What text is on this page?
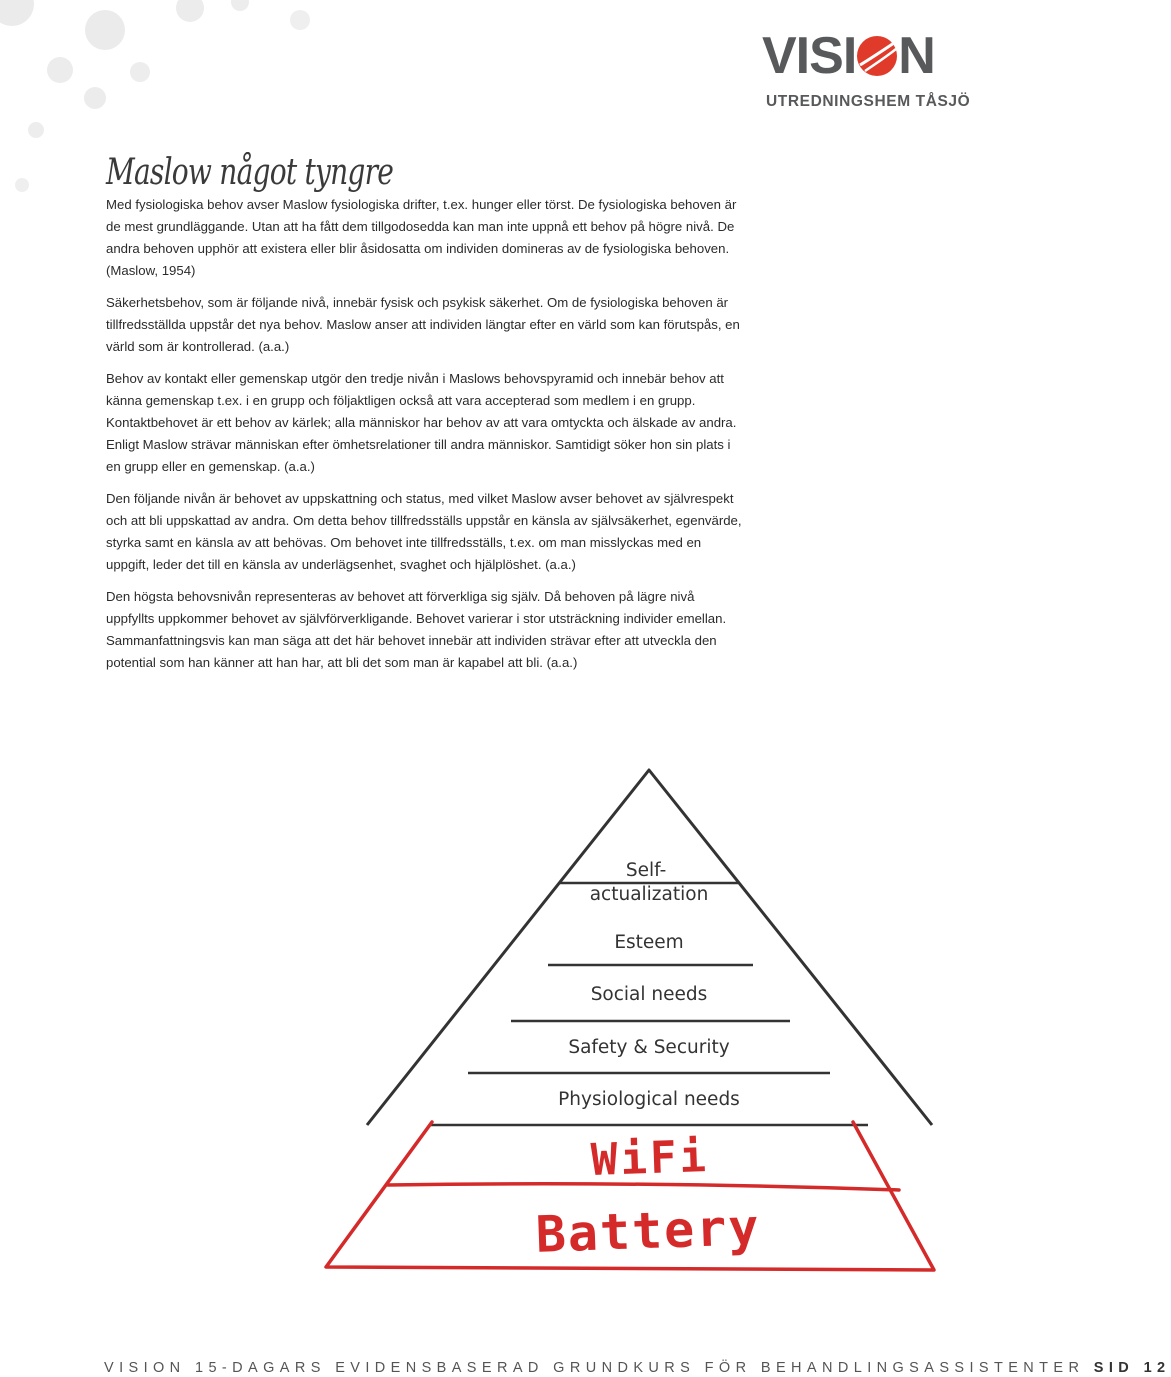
VISI N
UTREDNINGSHEM TÅSJÖ
Maslow något tyngre

Med fysiologiska behov avser Maslow fysiologiska drifter, t.ex. hunger eller törst. De fysiologiska behoven är de mest grundläggande. Utan att ha fått dem tillgodosedda kan man inte uppnå ett behov på högre nivå. De andra behoven upphör att existera eller blir åsidosatta om individen domineras av de fysiologiska behoven. (Maslow, 1954)

Säkerhetsbehov, som är följande nivå, innebär fysisk och psykisk säkerhet. Om de fysiologiska behoven är tillfredsställda uppstår det nya behov. Maslow anser att individen längtar efter en värld som kan förutspås, en värld som är kontrollerad. (a.a.)

Behov av kontakt eller gemenskap utgör den tredje nivån i Maslows behovspyramid och innebär behov att känna gemenskap t.ex. i en grupp och följaktligen också att vara accepterad som medlem i en grupp. Kontaktbehovet är ett behov av kärlek; alla människor har behov av att vara omtyckta och älskade av andra. Enligt Maslow strävar människan efter ömhetsrelationer till andra människor. Samtidigt söker hon sin plats i en grupp eller en gemenskap. (a.a.)

Den följande nivån är behovet av uppskattning och status, med vilket Maslow avser behovet av självrespekt och att bli uppskattad av andra. Om detta behov tillfredsställs uppstår en känsla av självsäkerhet, egenvärde, styrka samt en känsla av att behövas. Om behovet inte tillfredsställs, t.ex. om man misslyckas med en uppgift, leder det till en känsla av underlägsenhet, svaghet och hjälplöshet. (a.a.)

Den högsta behovsnivån representeras av behovet att förverkliga sig själv. Då behoven på lägre nivå uppfyllts uppkommer behovet av självförverkligande. Behovet varierar i stor utsträckning individer emellan. Sammanfattningsvis kan man säga att det här behovet innebär att individen strävar efter att utveckla den potential som han känner att han har, att bli det som man är kapabel att bli. (a.a.)

Self- actualization
Esteem
Social needs
Safety & Security
Physiological needs
WiFi
Battery
VISION 15-DAGARS EVIDENSBASERAD GRUNDKURS FÖR BEHANDLINGSASSISTENTER SID 12
